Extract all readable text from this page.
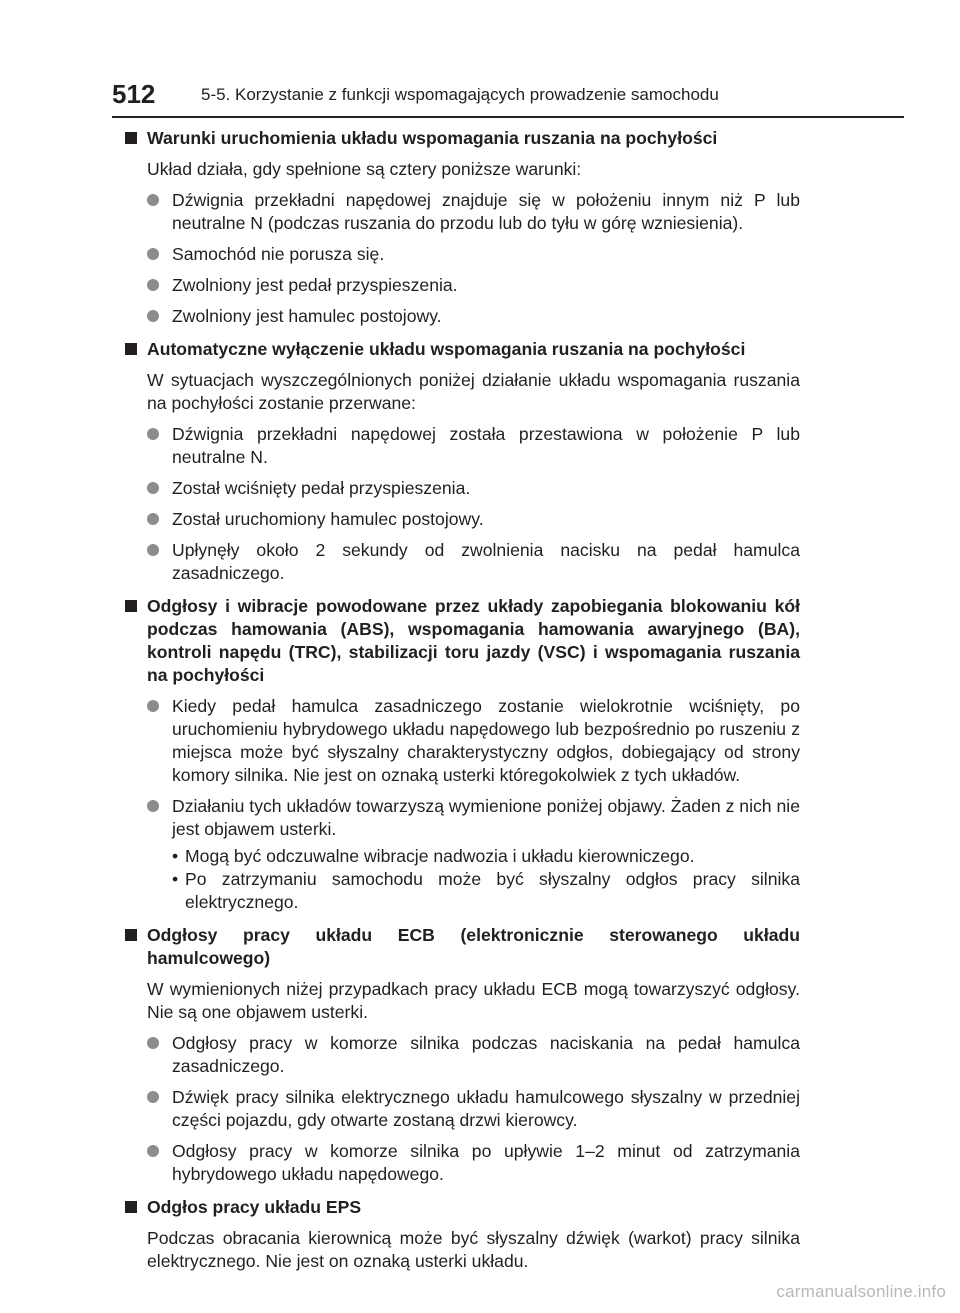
512	5-5. Korzystanie z funkcji wspomagających prowadzenie samochodu
Warunki uruchomienia układu wspomagania ruszania na pochyłości
Układ działa, gdy spełnione są cztery poniższe warunki:
Dźwignia przekładni napędowej znajduje się w położeniu innym niż P lub neutralne N (podczas ruszania do przodu lub do tyłu w górę wzniesienia).
Samochód nie porusza się.
Zwolniony jest pedał przyspieszenia.
Zwolniony jest hamulec postojowy.
Automatyczne wyłączenie układu wspomagania ruszania na pochyłości
W sytuacjach wyszczególnionych poniżej działanie układu wspomagania ruszania na pochyłości zostanie przerwane:
Dźwignia przekładni napędowej została przestawiona w położenie P lub neutralne N.
Został wciśnięty pedał przyspieszenia.
Został uruchomiony hamulec postojowy.
Upłynęły około 2 sekundy od zwolnienia nacisku na pedał hamulca zasadniczego.
Odgłosy i wibracje powodowane przez układy zapobiegania blokowaniu kół podczas hamowania (ABS), wspomagania hamowania awaryjnego (BA), kontroli napędu (TRC), stabilizacji toru jazdy (VSC) i wspomagania ruszania na pochyłości
Kiedy pedał hamulca zasadniczego zostanie wielokrotnie wciśnięty, po uruchomieniu hybrydowego układu napędowego lub bezpośrednio po ruszeniu z miejsca może być słyszalny charakterystyczny odgłos, dobiegający od strony komory silnika. Nie jest on oznaką usterki któregokolwiek z tych układów.
Działaniu tych układów towarzyszą wymienione poniżej objawy. Żaden z nich nie jest objawem usterki.
• Mogą być odczuwalne wibracje nadwozia i układu kierowniczego.
• Po zatrzymaniu samochodu może być słyszalny odgłos pracy silnika elektrycznego.
Odgłosy pracy układu ECB (elektronicznie sterowanego układu hamulcowego)
W wymienionych niżej przypadkach pracy układu ECB mogą towarzyszyć odgłosy. Nie są one objawem usterki.
Odgłosy pracy w komorze silnika podczas naciskania na pedał hamulca zasadniczego.
Dźwięk pracy silnika elektrycznego układu hamulcowego słyszalny w przedniej części pojazdu, gdy otwarte zostaną drzwi kierowcy.
Odgłosy pracy w komorze silnika po upływie 1–2 minut od zatrzymania hybrydowego układu napędowego.
Odgłos pracy układu EPS
Podczas obracania kierownicą może być słyszalny dźwięk (warkot) pracy silnika elektrycznego. Nie jest on oznaką usterki układu.
carmanualsonline.info
